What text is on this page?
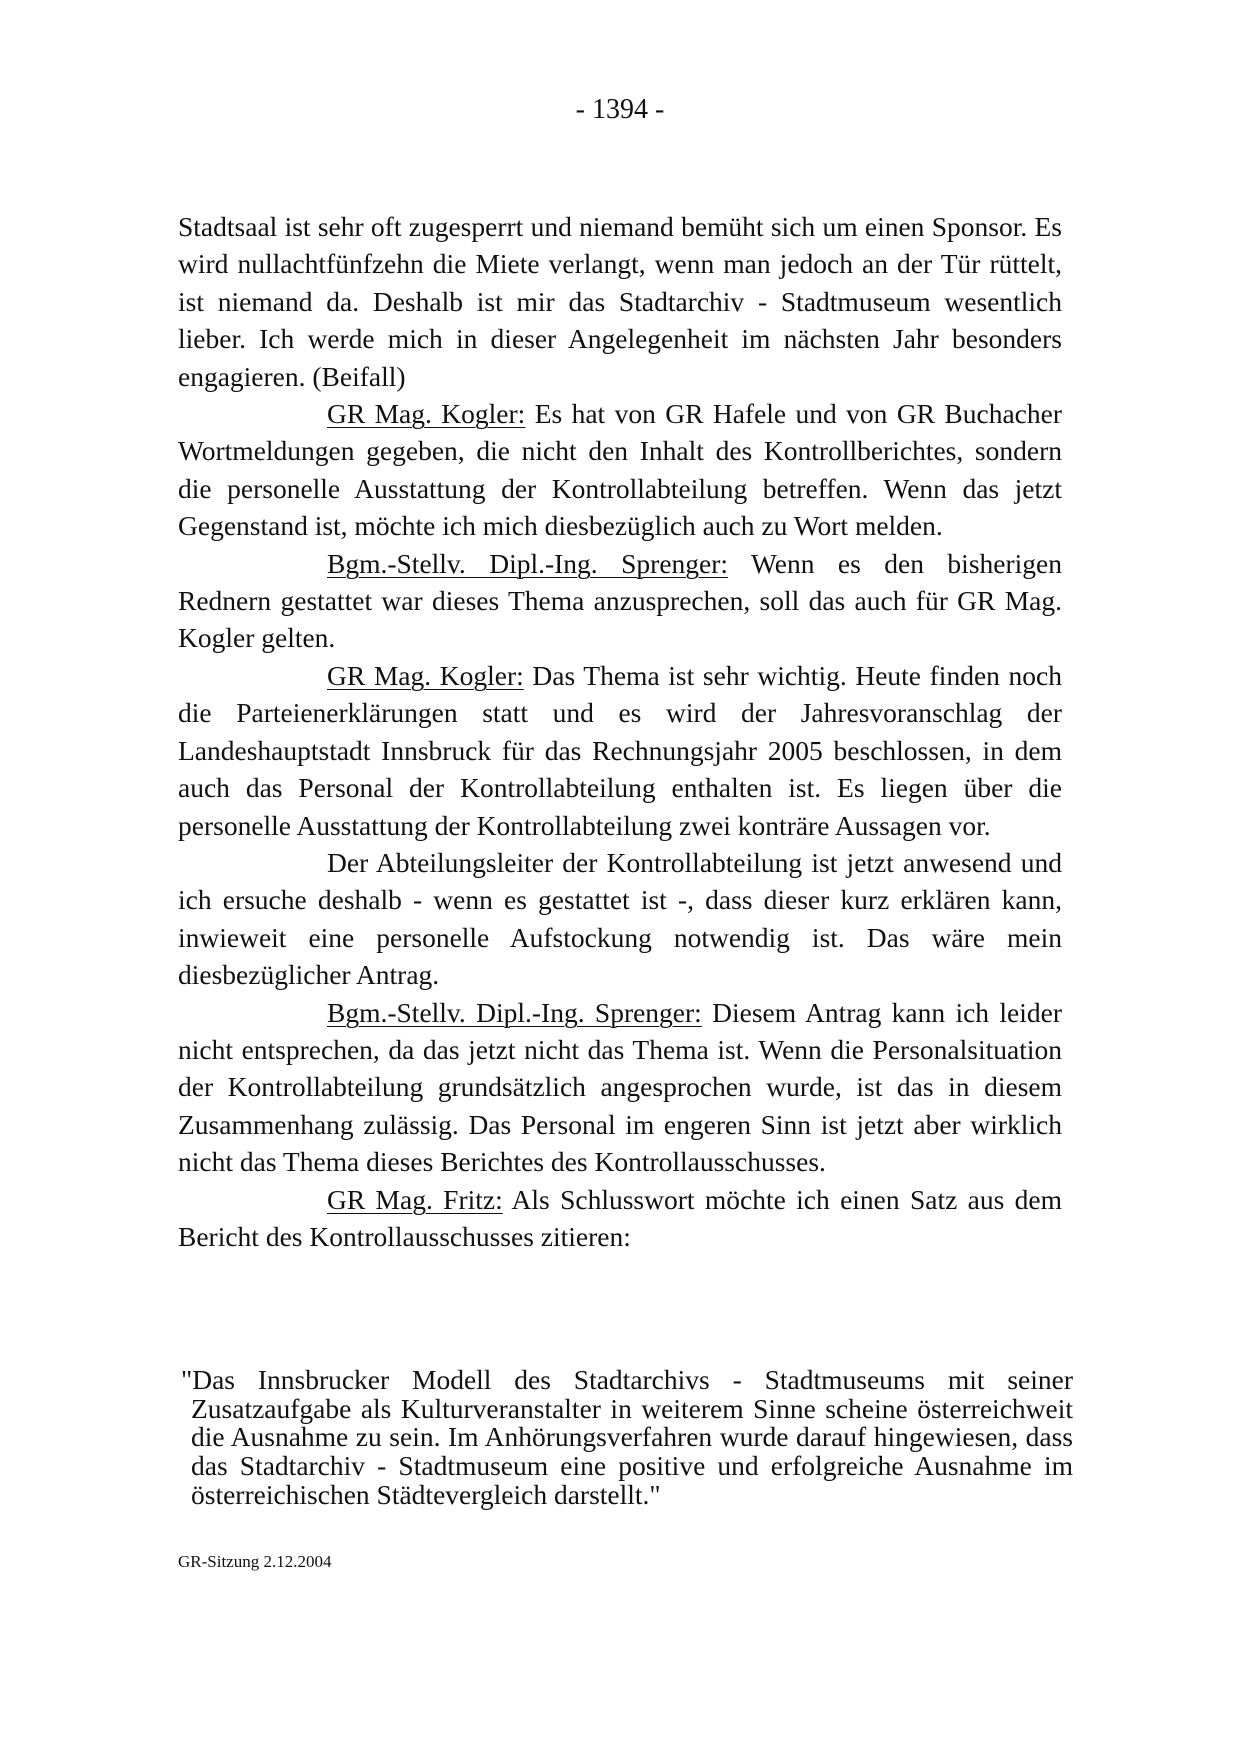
- 1394 -

Stadtsaal ist sehr oft zugesperrt und niemand bemüht sich um einen Sponsor. Es wird nullachtfünfzehn die Miete verlangt, wenn man jedoch an der Tür rüttelt, ist niemand da. Deshalb ist mir das Stadtarchiv - Stadtmuseum wesentlich lieber. Ich werde mich in dieser Angelegenheit im nächsten Jahr besonders engagieren. (Beifall)

GR Mag. Kogler: Es hat von GR Hafele und von GR Buchacher Wortmeldungen gegeben, die nicht den Inhalt des Kontrollberichtes, sondern die personelle Ausstattung der Kontrollabteilung betreffen. Wenn das jetzt Gegenstand ist, möchte ich mich diesbezüglich auch zu Wort melden.

Bgm.-Stellv. Dipl.-Ing. Sprenger: Wenn es den bisherigen Rednern gestattet war dieses Thema anzusprechen, soll das auch für GR Mag. Kogler gelten.

GR Mag. Kogler: Das Thema ist sehr wichtig. Heute finden noch die Parteienerklärungen statt und es wird der Jahresvoranschlag der Landeshauptstadt Innsbruck für das Rechnungsjahr 2005 beschlossen, in dem auch das Personal der Kontrollabteilung enthalten ist. Es liegen über die personelle Ausstattung der Kontrollabteilung zwei konträre Aussagen vor.

Der Abteilungsleiter der Kontrollabteilung ist jetzt anwesend und ich ersuche deshalb - wenn es gestattet ist -, dass dieser kurz erklären kann, inwieweit eine personelle Aufstockung notwendig ist. Das wäre mein diesbezüglicher Antrag.

Bgm.-Stellv. Dipl.-Ing. Sprenger: Diesem Antrag kann ich leider nicht entsprechen, da das jetzt nicht das Thema ist. Wenn die Personalsituation der Kontrollabteilung grundsätzlich angesprochen wurde, ist das in diesem Zusammenhang zulässig. Das Personal im engeren Sinn ist jetzt aber wirklich nicht das Thema dieses Berichtes des Kontrollausschusses.

GR Mag. Fritz: Als Schlusswort möchte ich einen Satz aus dem Bericht des Kontrollausschusses zitieren:

"Das Innsbrucker Modell des Stadtarchivs - Stadtmuseums mit seiner Zusatzaufgabe als Kulturveranstalter in weiterem Sinne scheine österreichweit die Ausnahme zu sein. Im Anhörungsverfahren wurde darauf hingewiesen, dass das Stadtarchiv - Stadtmuseum eine positive und erfolgreiche Ausnahme im österreichischen Städtevergleich darstellt."
GR-Sitzung 2.12.2004
